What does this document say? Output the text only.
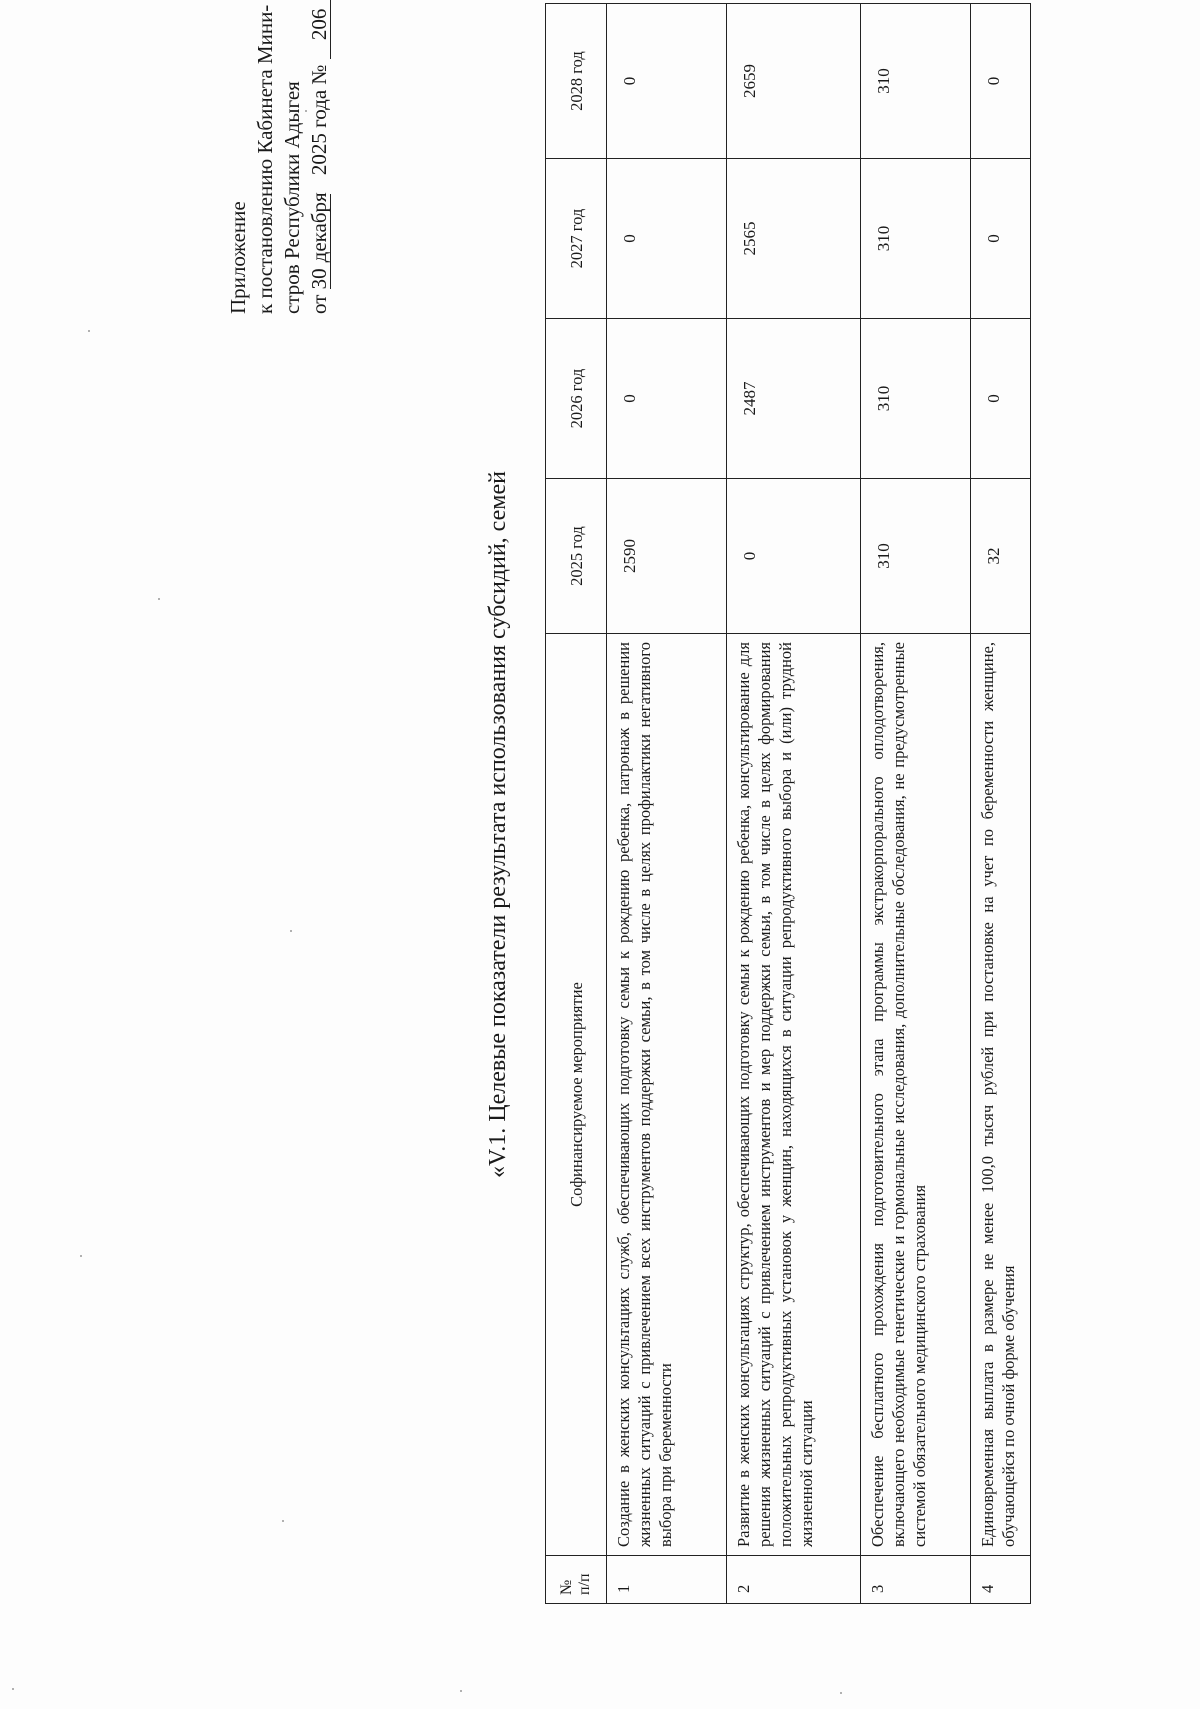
Приложение к постановлению Кабинета Мини- стров Республики Адыгея от 30декабря 2025 года № 206
«V.1. Целевые показатели результата использования субсидий, семей
№ п/п	Софинансируемое мероприятие	2025 год	2026 год	2027 год	2028 год
1	Создание в женских консультациях служб, обеспечивающих подготовку семьи к рождению ребенка, патронаж в решении жизненных ситуаций с привлечением всех инструментов поддержки семьи, в том числе в целях профилактики негативного выбора при беременности	2590	0	0	0
2	Развитие в женских консультациях структур, обеспечивающих подготовку семьи к рождению ребенка, консультирование для решения жизненных ситуаций с привлечением инструментов и мер поддержки семьи, в том числе в целях формирования положительных репродуктивных установок у женщин, находящихся в ситуации репродуктивного выбора и (или) трудной жизненной ситуации	0	2487	2565	2659
3	Обеспечение бесплатного прохождения подготовительного этапа программы экстракорпорального оплодотворения, включающего необходимые генетические и гормональные исследования, дополнительные обследования, не предусмотренные системой обязательного медицинского страхования	310	310	310	310
4	Единовременная выплата в размере не менее 100,0 тысяч рублей при постановке на учет по беременности женщине, обучающейся по очной форме обучения	32	0	0	0
